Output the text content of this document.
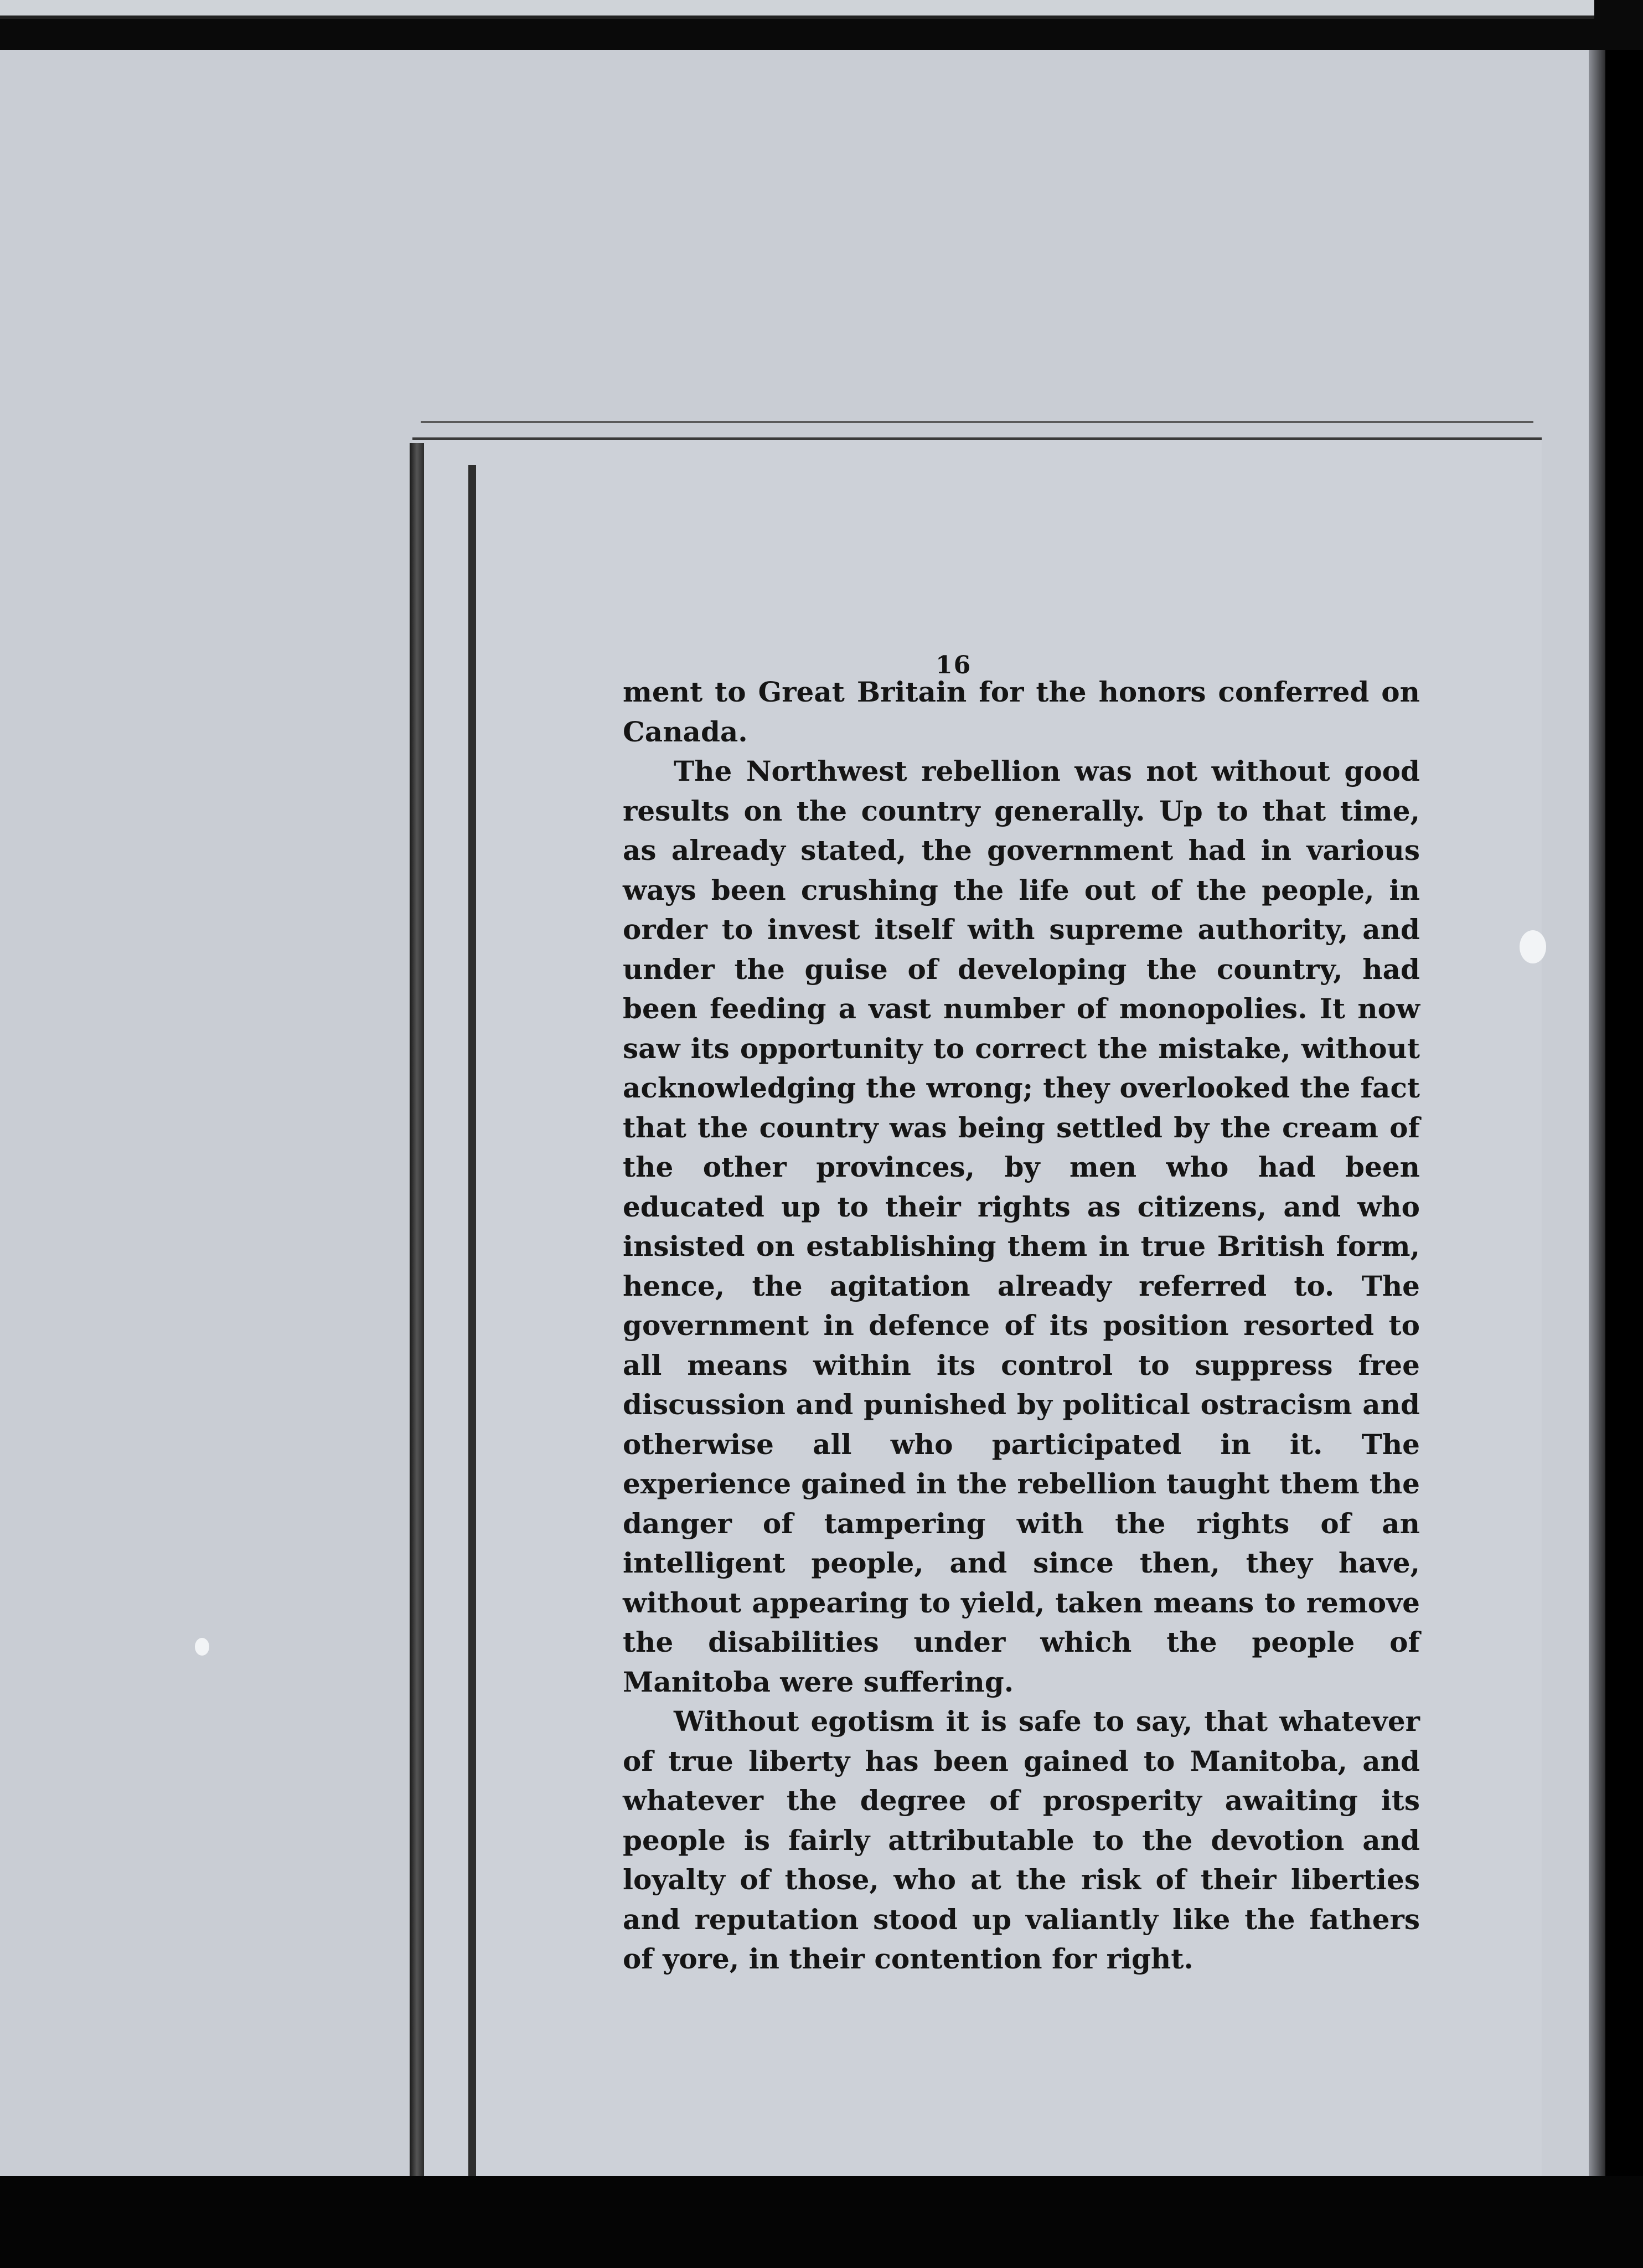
16

ment to Great Britain for the honors conferred on Canada.

The Northwest rebellion was not without good results on the country generally. Up to that time, as already stated, the government had in various ways been crushing the life out of the people, in order to invest itself with supreme authority, and under the guise of developing the country, had been feeding a vast number of monopolies. It now saw its opportunity to correct the mistake, without acknowledging the wrong; they overlooked the fact that the country was being settled by the cream of the other provinces, by men who had been educated up to their rights as citizens, and who insisted on establishing them in true British form, hence, the agitation already referred to. The government in defence of its position resorted to all means within its control to suppress free discussion and punished by political ostracism and otherwise all who participated in it. The experience gained in the rebellion taught them the danger of tampering with the rights of an intelligent people, and since then, they have, without appearing to yield, taken means to remove the disabilities under which the people of Manitoba were suffering.

Without egotism it is safe to say, that whatever of true liberty has been gained to Manitoba, and whatever the degree of prosperity awaiting its people is fairly attributable to the devotion and loyalty of those, who at the risk of their liberties and reputation stood up valiantly like the fathers of yore, in their contention for right.
